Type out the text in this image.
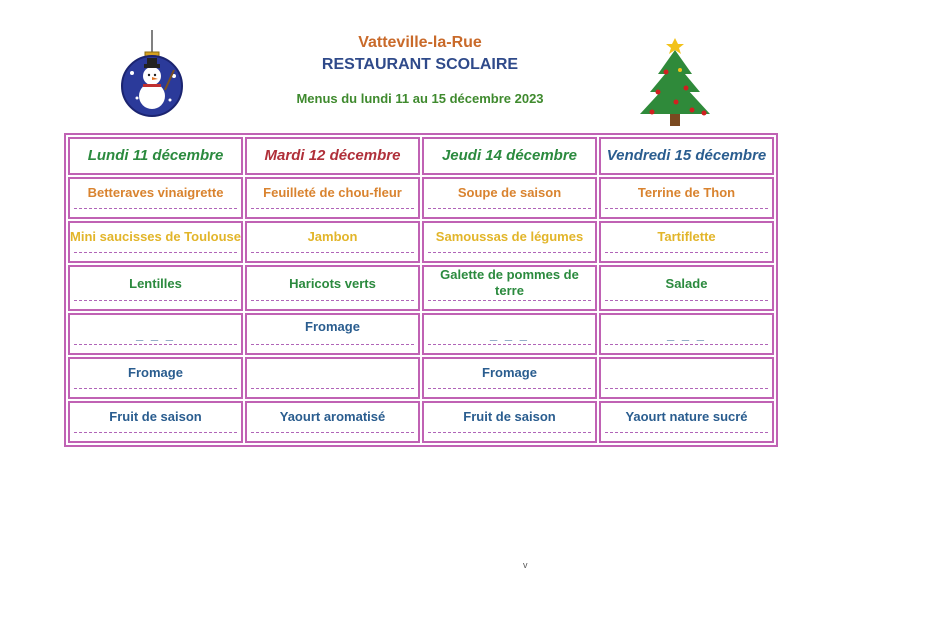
Vatteville-la-Rue
RESTAURANT SCOLAIRE
Menus du lundi 11 au 15 décembre 2023
Lundi 11 décembre	Mardi 12 décembre	Jeudi 14 décembre	Vendredi 15 décembre

Betteraves vinaigrette	Feuilleté de chou-fleur	Soupe de saison	Terrine de Thon

Mini saucisses de Toulouse	Jambon	Samoussas de légumes	Tartiflette

Lentilles	Haricots verts	Galette de pommes de terre	Salade

_ _ _	Fromage	_ _ _	_ _ _

Fromage		Fromage	

Fruit de saison	Yaourt aromatisé	Fruit de saison	Yaourt nature sucré
v
